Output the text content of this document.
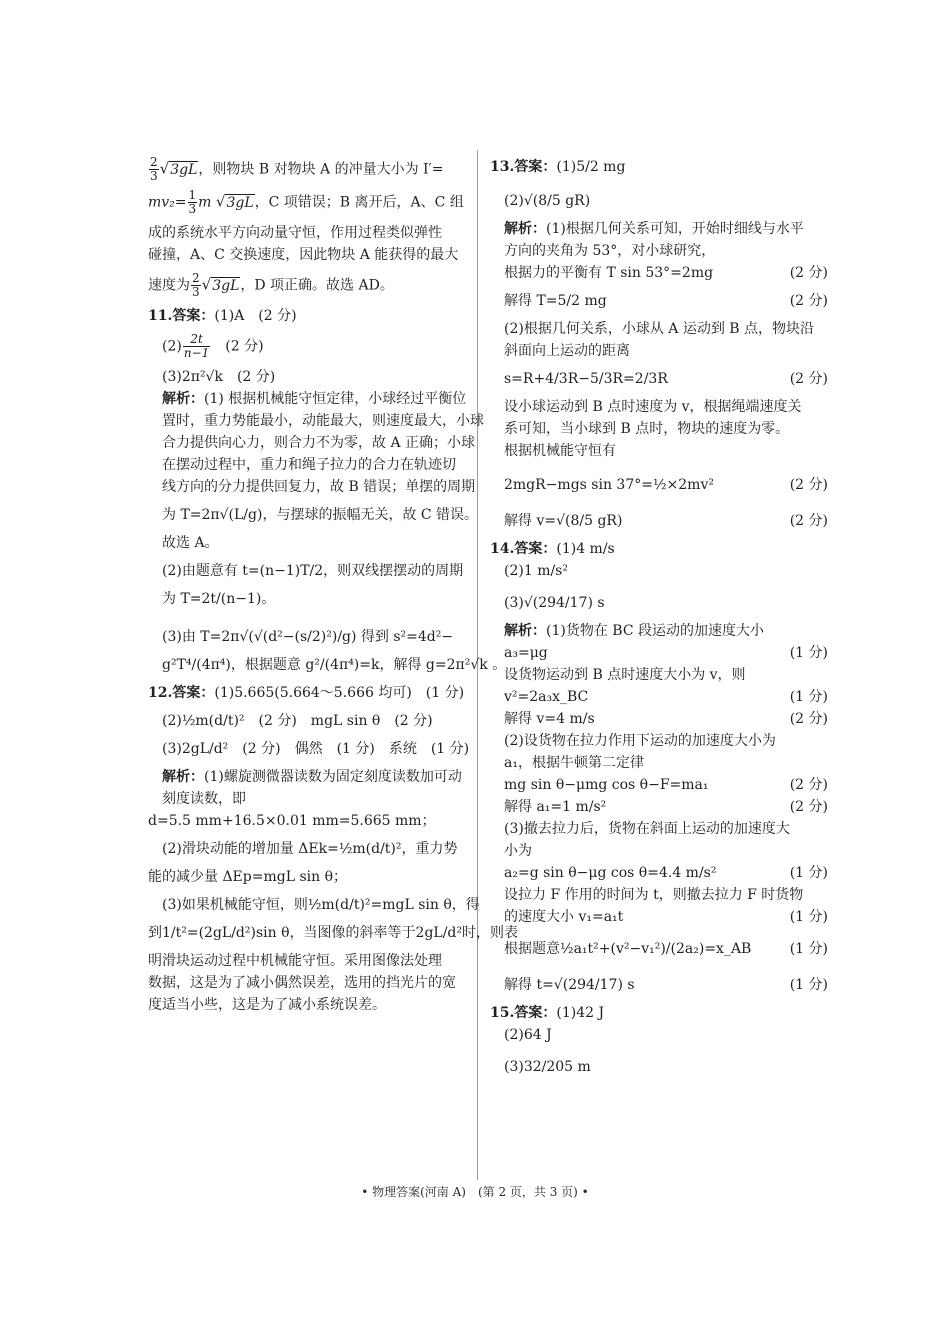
$\frac{2}{3} √3gL$，则物块 B 对物块 A 的冲量大小为 I′=
$mv_2= \frac{1}{3}$ m √3gL，C 项错误；B 离开后，A、C 组
成的系统水平方向动量守恒，作用过程类似弹性
碰撞，A、C 交换速度，因此物块 A 能获得的最大
速度为 $\frac{2}{3} √3gL$，D 项正确。故选 AD。
11.答案：(1)A　(2 分)
$(2) \frac{2t}{n-1}$
　 (2 分)
(3)2π²√k　(2 分)
解析：(1) 根据机械能守恒定律，小球经过平衡位
置时，重力势能最小，动能最大，则速度最大，小球
合力提供向心力，则合力不为零，故 A 正确；小球
在摆动过程中，重力和绳子拉力的合力在轨迹切
线方向的分力提供回复力，故 B 错误；单摆的周期
为 T=2π√(L/g)，与摆球的振幅无关，故 C 错误。
故选 A。
(2)由题意有 t=(n−1)T/2，则双线摆摆动的周期
为 T=2t/(n−1)。
(3)由 T=2π√(√(d²−(s/2)²)/g) 得到 s²=4d²−
g²T⁴/(4π⁴)，根据题意 g²/(4π⁴)=k，解得 g=2π²√k 。
12.答案：(1)5.665(5.664～5.666 均可)　(1 分)
(2)½m(d/t)²　(2 分)　mgL sin θ　(2 分)
(3)2gL/d²　(2 分)　偶然　(1 分)　系统　(1 分)
解析：(1)螺旋测微器读数为固定刻度读数加可动
刻度读数，即
d=5.5 mm+16.5×0.01 mm=5.665 mm；
(2)滑块动能的增加量 ΔEk=½m(d/t)²，重力势
能的减少量 ΔEp=mgL sin θ；
(3)如果机械能守恒，则½m(d/t)²=mgL sin θ，得
到1/t²=(2gL/d²)sin θ，当图像的斜率等于2gL/d²时，则表
明滑块运动过程中机械能守恒。采用图像法处理
数据，这是为了减小偶然误差，选用的挡光片的宽
度适当小些，这是为了减小系统误差。
13.答案：(1)5/2 mg
(2)√(8/5 gR)
解析：(1)根据几何关系可知，开始时细线与水平
方向的夹角为 53°，对小球研究，
根据力的平衡有 T sin 53°=2mg	(2 分)
解得 T=5/2 mg	(2 分)
(2)根据几何关系，小球从 A 运动到 B 点，物块沿
斜面向上运动的距离
s=R+4/3R−5/3R=2/3R	(2 分)
设小球运动到 B 点时速度为 v，根据绳端速度关
系可知，当小球到 B 点时，物块的速度为零。
根据机械能守恒有
2mgR−mgs sin 37°=½×2mv²	(2 分)
解得 v=√(8/5 gR)	(2 分)
14.答案：(1)4 m/s
(2)1 m/s²
(3)√(294/17) s
解析：(1)货物在 BC 段运动的加速度大小
a₃=μg	(1 分)
设货物运动到 B 点时速度大小为 v，则
v²=2a₃x_BC	(1 分)
解得 v=4 m/s	(2 分)
(2)设货物在拉力作用下运动的加速度大小为
a₁，根据牛顿第二定律
mg sin θ−μmg cos θ−F=ma₁	(2 分)
解得 a₁=1 m/s²	(2 分)
(3)撤去拉力后，货物在斜面上运动的加速度大
小为
a₂=g sin θ−μg cos θ=4.4 m/s²	(1 分)
设拉力 F 作用的时间为 t，则撤去拉力 F 时货物
的速度大小 v₁=a₁t	(1 分)
根据题意½a₁t²+(v²−v₁²)/(2a₂)=x_AB	(1 分)
解得 t=√(294/17) s	(1 分)
15.答案：(1)42 J
(2)64 J
(3)32/205 m
• 物理答案(河南 A)　(第 2 页，共 3 页) •
